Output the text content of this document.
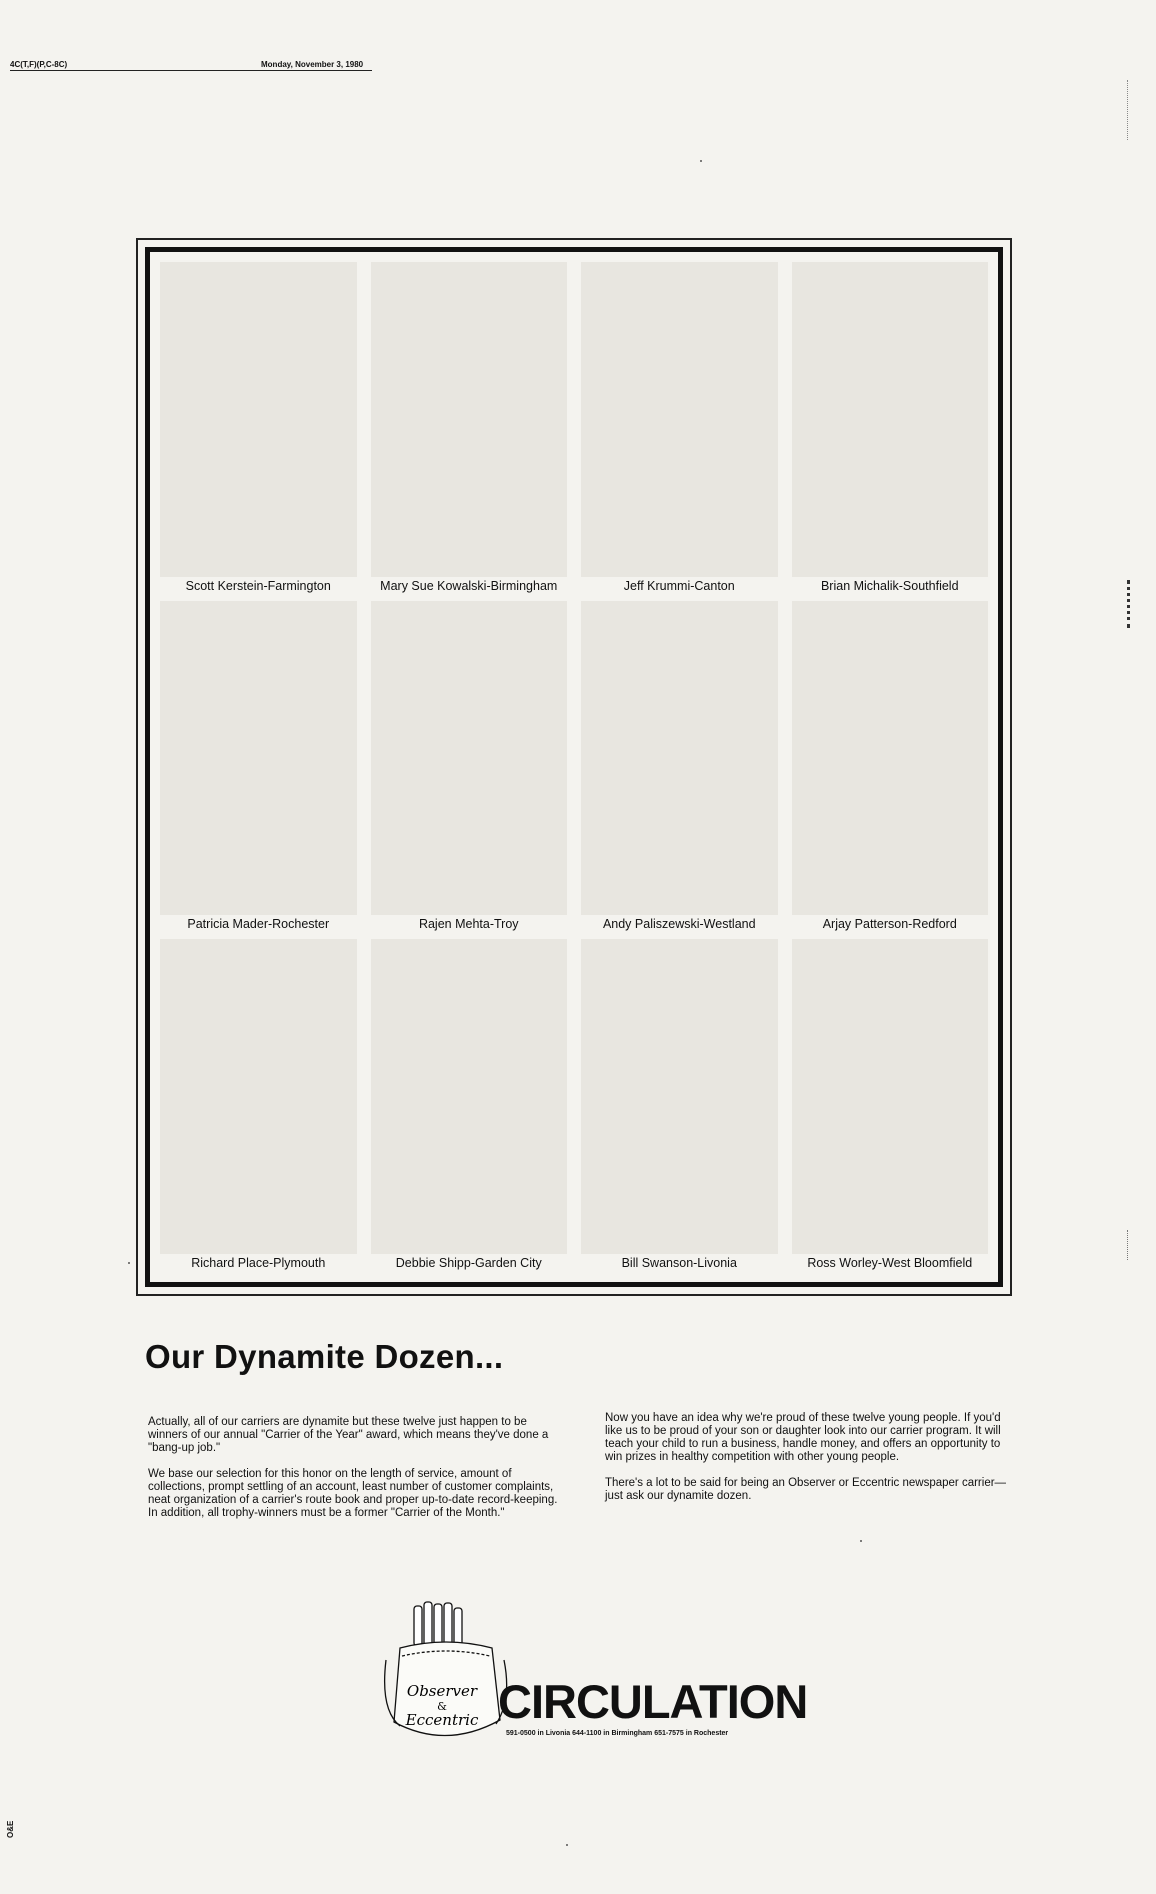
4C(T,F)(P,C-8C)	Monday, November 3, 1980
Scott Kerstein-Farmington	Mary Sue Kowalski-Birmingham	Jeff Krummi-Canton	Brian Michalik-Southfield
Patricia Mader-Rochester	Rajen Mehta-Troy	Andy Paliszewski-Westland	Arjay Patterson-Redford
Richard Place-Plymouth	Debbie Shipp-Garden City	Bill Swanson-Livonia	Ross Worley-West Bloomfield
Our Dynamite Dozen...

Actually, all of our carriers are dynamite but these twelve just happen to be winners of our annual "Carrier of the Year" award, which means they've done a "bang-up job."

We base our selection for this honor on the length of service, amount of collections, prompt settling of an account, least number of customer complaints, neat organization of a carrier's route book and proper up-to-date record-keeping. In addition, all trophy-winners must be a former "Carrier of the Month."

Now you have an idea why we're proud of these twelve young people. If you'd like us to be proud of your son or daughter look into our carrier program. It will teach your child to run a business, handle money, and offers an opportunity to win prizes in healthy competition with other young people.

There's a lot to be said for being an Observer or Eccentric newspaper carrier—just ask our dynamite dozen.

Observer
&
Eccentric CIRCULATION
591-0500 in Livonia 644-1100 in Birmingham 651-7575 in Rochester
O&E
